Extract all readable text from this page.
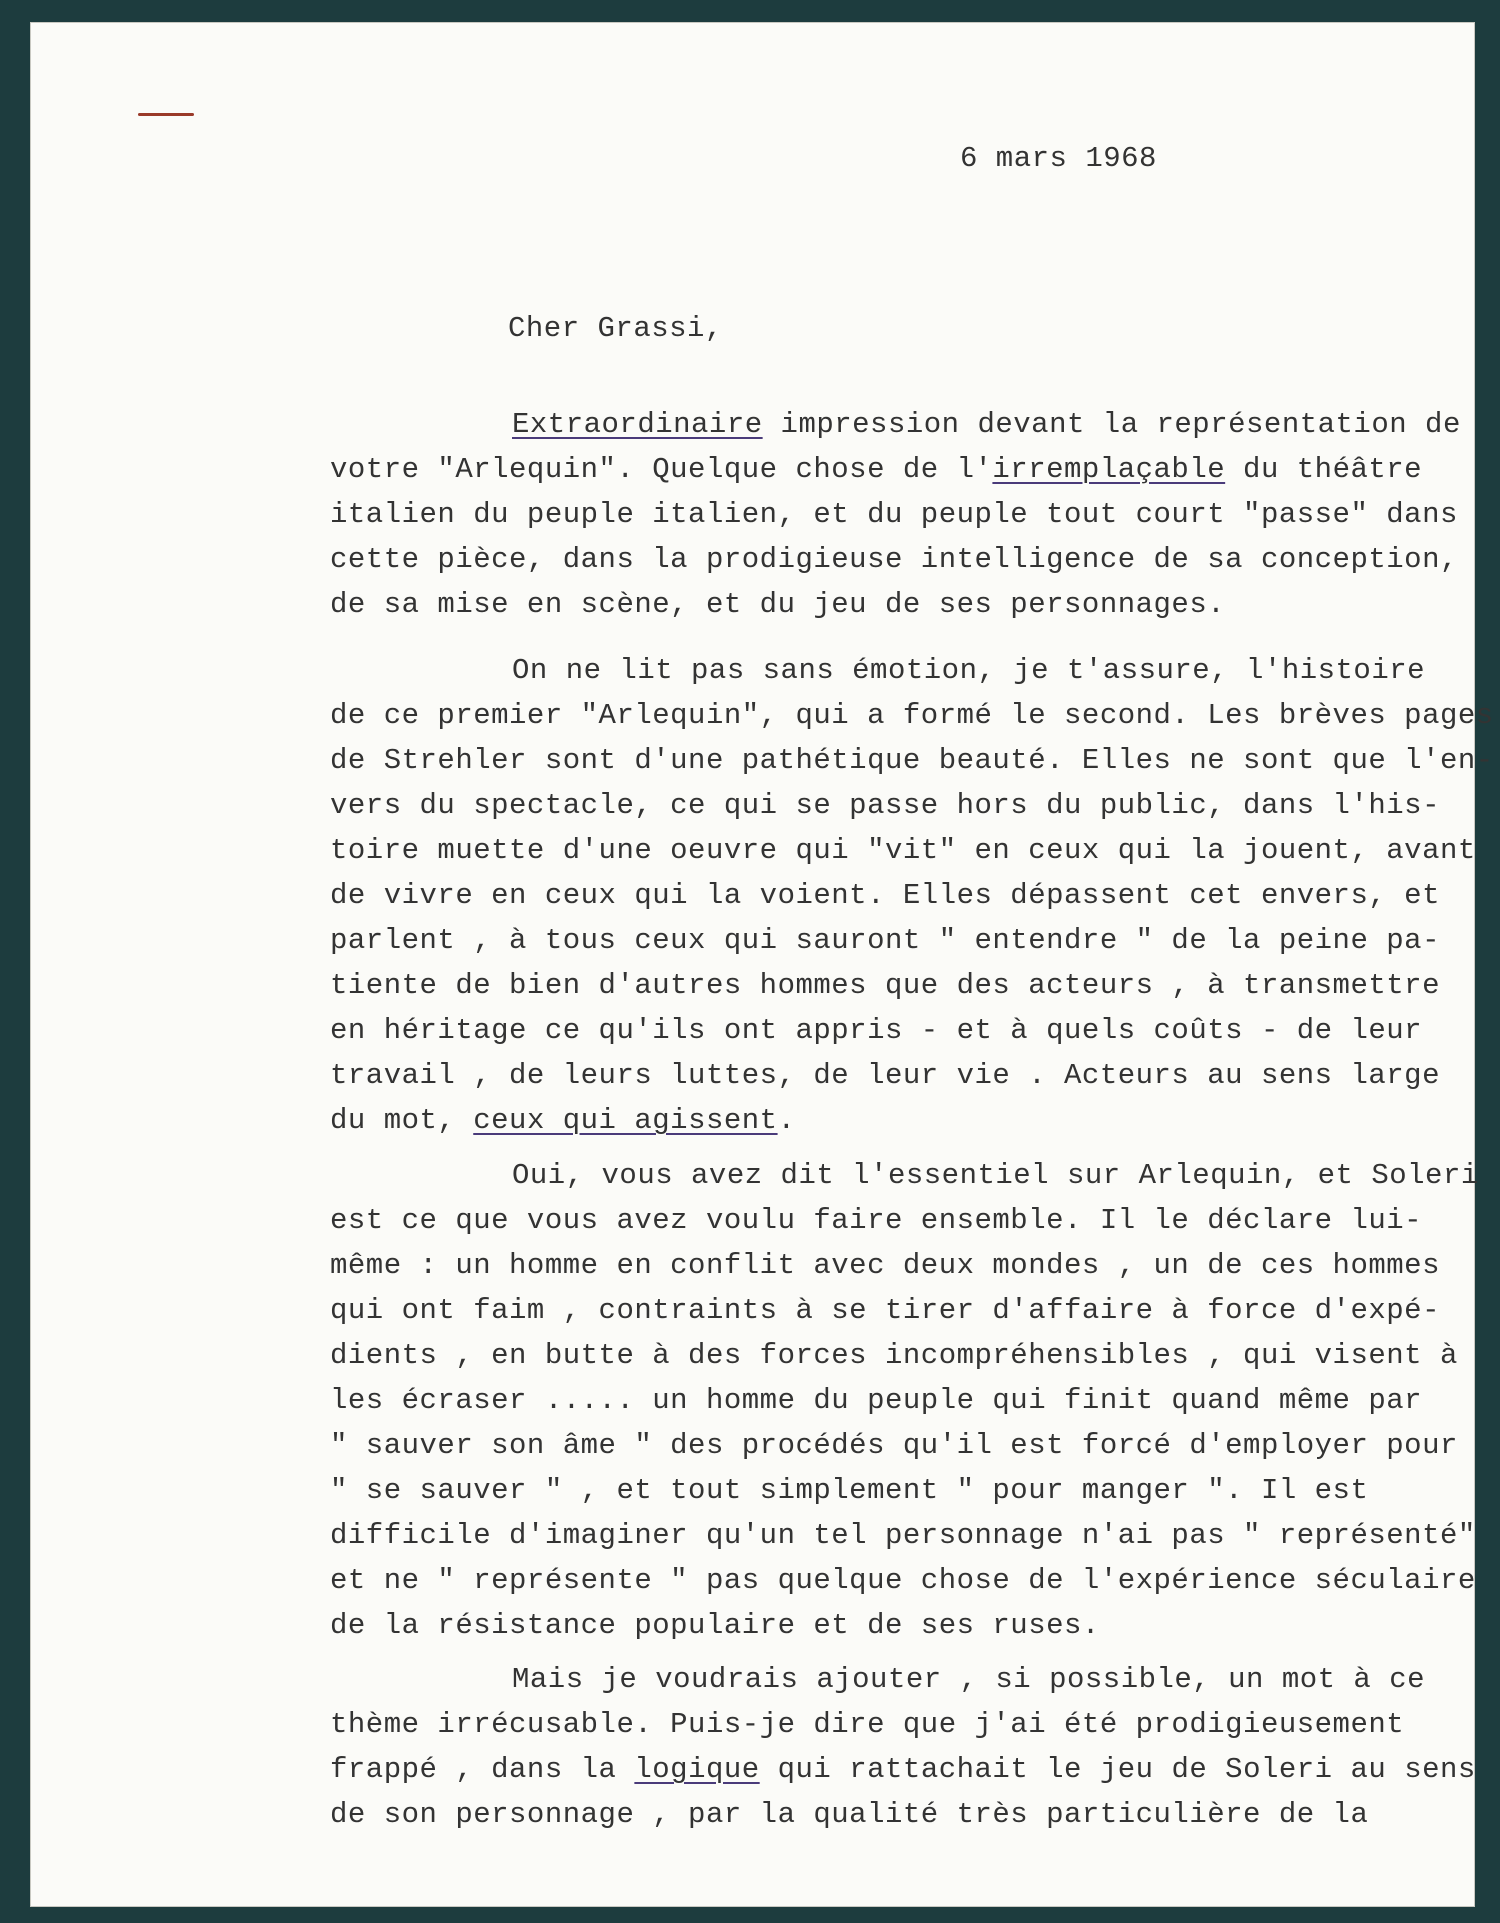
6 mars 1968
Cher Grassi,
Extraordinaire impression devant la représentation de
votre "Arlequin". Quelque chose de l'irremplaçable du théâtre
italien du peuple italien, et du peuple tout court "passe" dans
cette pièce, dans la prodigieuse intelligence de sa conception,
de sa mise en scène, et du jeu de ses personnages.
On ne lit pas sans émotion, je t'assure, l'histoire
de ce premier "Arlequin", qui a formé le second. Les brèves pages
de Strehler sont d'une pathétique beauté. Elles ne sont que l'en-
vers du spectacle, ce qui se passe hors du public, dans l'his-
toire muette d'une oeuvre qui "vit" en ceux qui la jouent, avant
de vivre en ceux qui la voient. Elles dépassent cet envers, et
parlent , à tous ceux qui sauront " entendre " de la peine pa-
tiente de bien d'autres hommes que des acteurs , à transmettre
en héritage ce qu'ils ont appris - et à quels coûts - de leur
travail , de leurs luttes, de leur vie . Acteurs au sens large
du mot, ceux qui agissent.
Oui, vous avez dit l'essentiel sur Arlequin, et Soleri
est ce que vous avez voulu faire ensemble. Il le déclare lui-
même : un homme en conflit avec deux mondes , un de ces hommes
qui ont faim , contraints à se tirer d'affaire à force d'expé-
dients , en butte à des forces incompréhensibles , qui visent à
les écraser ..... un homme du peuple qui finit quand même par
" sauver son âme " des procédés qu'il est forcé d'employer pour
" se sauver " , et tout simplement " pour manger ". Il est
difficile d'imaginer qu'un tel personnage n'ai pas " représenté"
et ne " représente " pas quelque chose de l'expérience séculaire
de la résistance populaire et de ses ruses.
Mais je voudrais ajouter , si possible, un mot à ce
thème irrécusable. Puis-je dire que j'ai été prodigieusement
frappé , dans la logique qui rattachait le jeu de Soleri au sens
de son personnage , par la qualité très particulière de la
